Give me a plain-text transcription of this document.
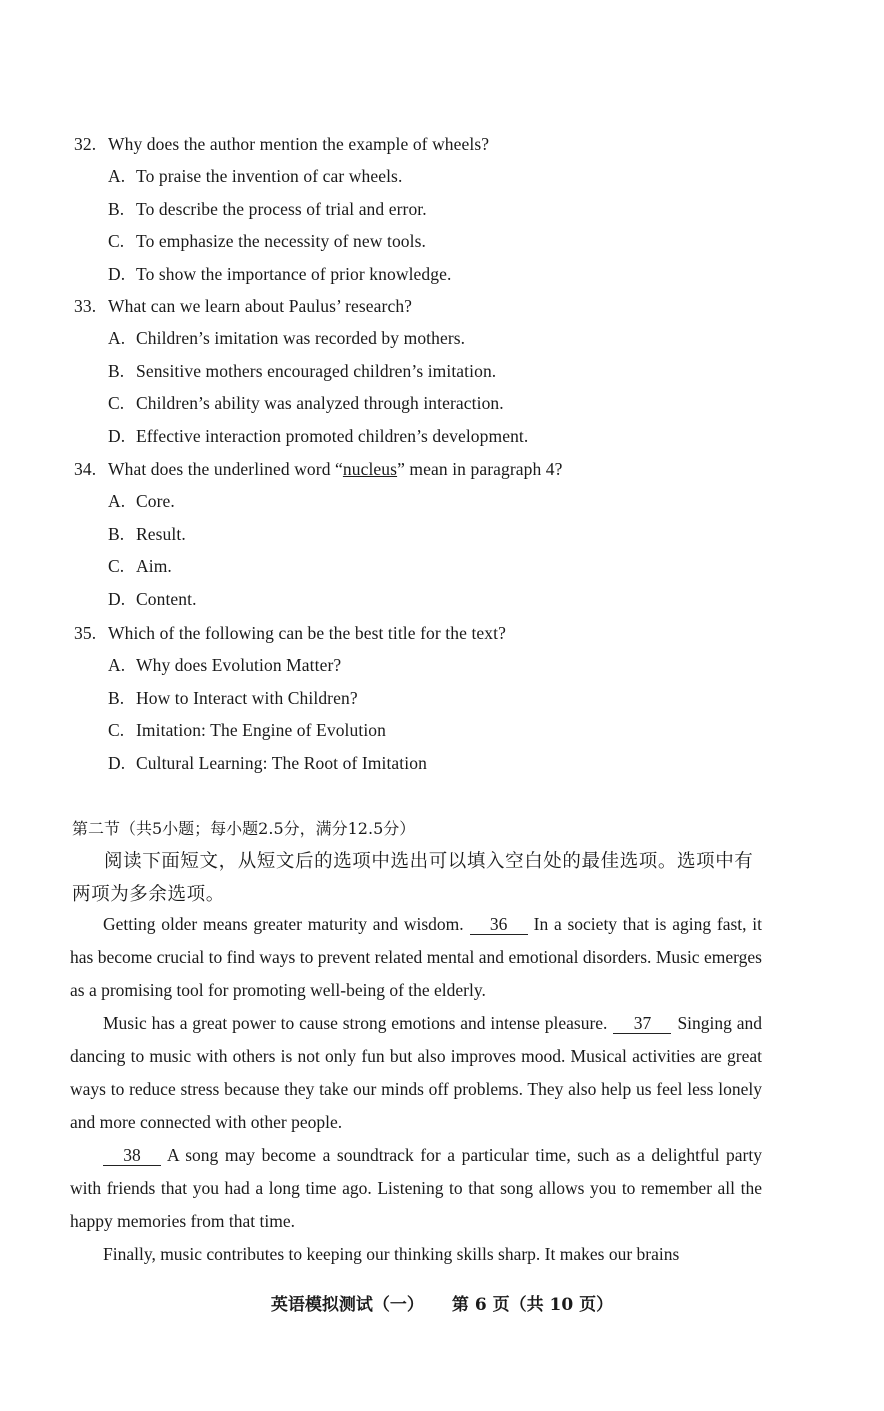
32. Why does the author mention the example of wheels?
A. To praise the invention of car wheels.
B. To describe the process of trial and error.
C. To emphasize the necessity of new tools.
D. To show the importance of prior knowledge.
33. What can we learn about Paulus’ research?
A. Children’s imitation was recorded by mothers.
B. Sensitive mothers encouraged children’s imitation.
C. Children’s ability was analyzed through interaction.
D. Effective interaction promoted children’s development.
34. What does the underlined word “nucleus” mean in paragraph 4?
A. Core.
B. Result.
C. Aim.
D. Content.
35. Which of the following can be the best title for the text?
A. Why does Evolution Matter?
B. How to Interact with Children?
C. Imitation: The Engine of Evolution
D. Cultural Learning: The Root of Imitation
第二节（共5小题；每小题2.5分，满分12.5分）
阅读下面短文，从短文后的选项中选出可以填入空白处的最佳选项。选项中有两项为多余选项。

Getting older means greater maturity and wisdom. 36 In a society that is aging fast, it has become crucial to find ways to prevent related mental and emotional disorders. Music emerges as a promising tool for promoting well-being of the elderly.

Music has a great power to cause strong emotions and intense pleasure. 37 Singing and dancing to music with others is not only fun but also improves mood. Musical activities are great ways to reduce stress because they take our minds off problems. They also help us feel less lonely and more connected with other people.

38 A song may become a soundtrack for a particular time, such as a delightful party with friends that you had a long time ago. Listening to that song allows you to remember all the happy memories from that time.

Finally, music contributes to keeping our thinking skills sharp. It makes our brains

英语模拟测试（一） 第 6 页（共 10 页）
